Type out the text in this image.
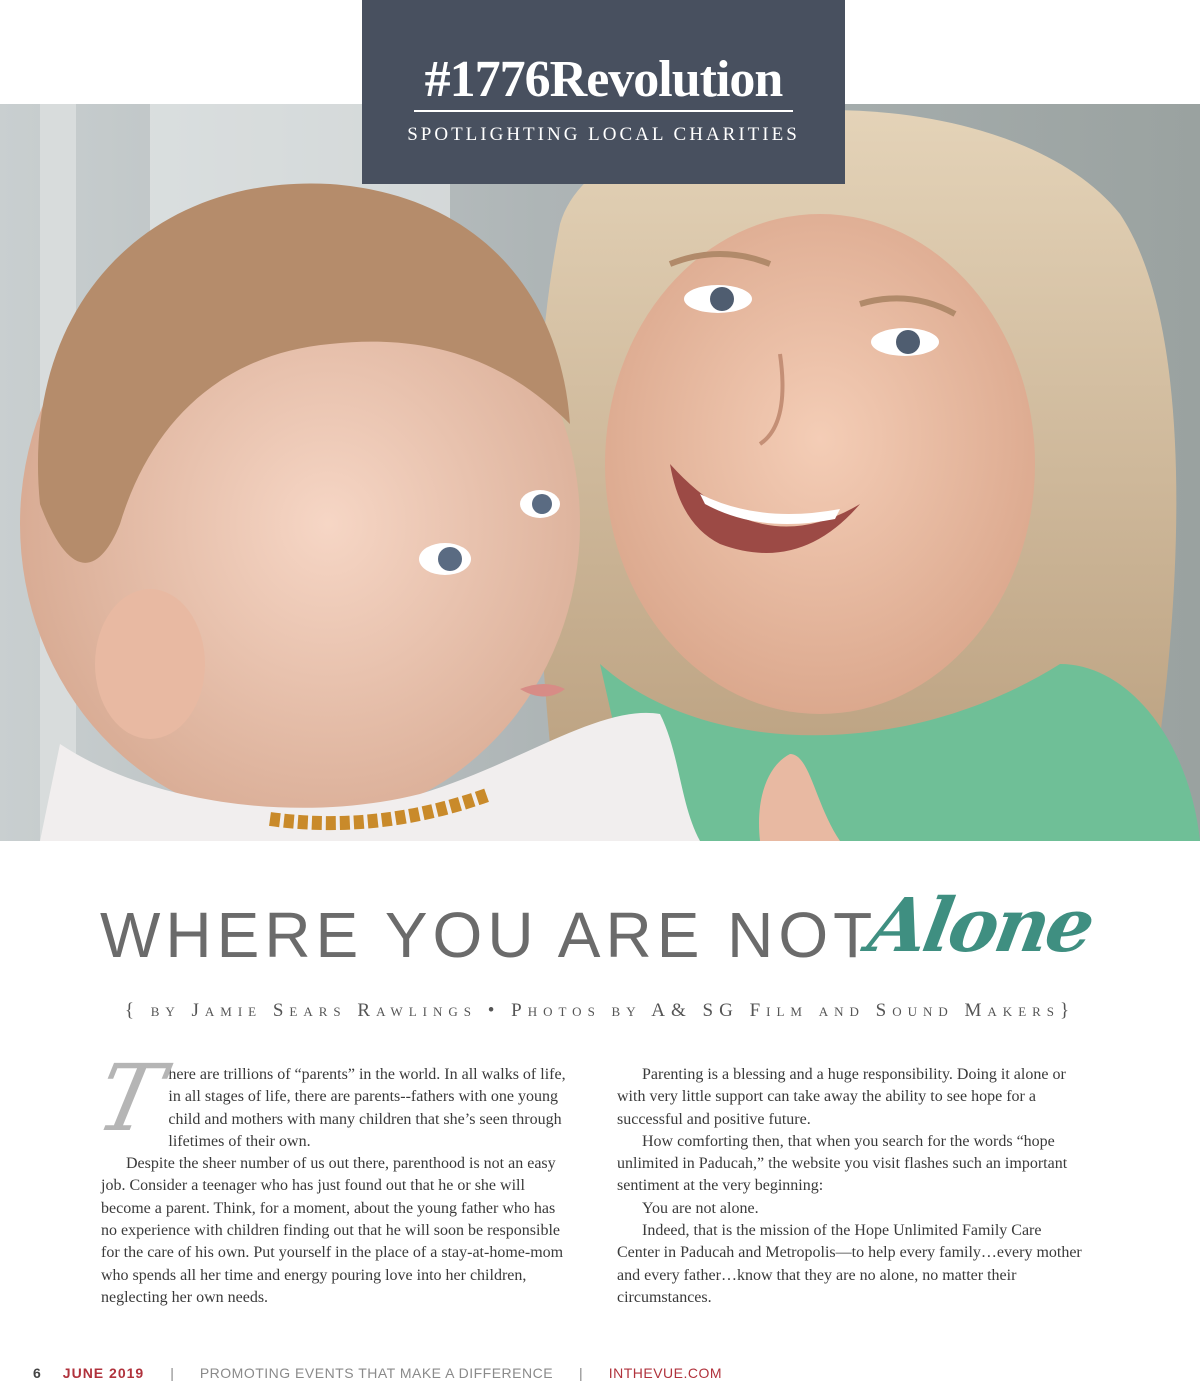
#1776Revolution
SPOTLIGHTING LOCAL CHARITIES
WHERE YOU ARE NOT
Alone
{ by Jamie Sears Rawlings • Photos by A& SG Film and Sound Makers}

T
here are trillions of “parents” in the world. In all walks of life, in all stages of life, there are parents--fathers with one young child and mothers with many children that she’s seen through lifetimes of their own.

Despite the sheer number of us out there, parenthood is not an easy job. Consider a teenager who has just found out that he or she will become a parent. Think, for a moment, about the young father who has no experience with children finding out that he will soon be responsible for the care of his own. Put yourself in the place of a stay-at-home-mom who spends all her time and energy pouring love into her children, neglecting her own needs.

Parenting is a blessing and a huge responsibility. Doing it alone or with very little support can take away the ability to see hope for a successful and positive future.

How comforting then, that when you search for the words “hope unlimited in Paducah,” the website you visit flashes such an important sentiment at the very beginning:

You are not alone.

Indeed, that is the mission of the Hope Unlimited Family Care Center in Paducah and Metropolis—to help every family…every mother and every father…know that they are no alone, no matter their circumstances.

6 JUNE 2019 | PROMOTING EVENTS THAT MAKE A DIFFERENCE | INTHEVUE.COM
